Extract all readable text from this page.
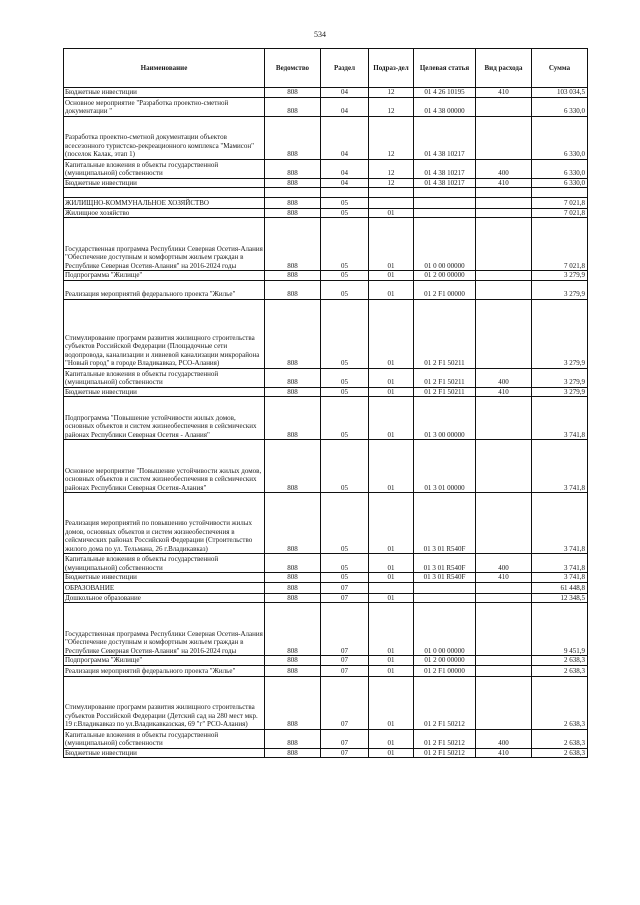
534
Наименование	Ведомство	Раздел	Подраз-дел	Целевая статья	Вид расхода	Сумма
Бюджетные инвестиции	808	04	12	01 4 26 10195	410	103 034,5
Основное мероприятие "Разработка проектно-сметной документации "	808	04	12	01 4 38 00000		6 330,0
Разработка проектно-сметной документации объектов всесезонного туристско-рекреационного комплекса "Мамисон" (поселок Калак, этап 1)	808	04	12	01 4 38 10217		6 330,0
Капитальные вложения в объекты государственной (муниципальной) собственности	808	04	12	01 4 38 10217	400	6 330,0
Бюджетные инвестиции	808	04	12	01 4 38 10217	410	6 330,0

ЖИЛИЩНО-КОММУНАЛЬНОЕ ХОЗЯЙСТВО	808	05				7 021,8
Жилищное хозяйство	808	05	01			7 021,8
Государственная программа Республики Северная Осетия-Алания "Обеспечение доступным и комфортным жильем граждан в Республике Северная Осетия-Алания" на 2016-2024 годы	808	05	01	01 0 00 00000		7 021,8
Подпрограмма "Жилище"	808	05	01	01 2 00 00000		3 279,9
Реализация мероприятий федерального проекта "Жилье"	808	05	01	01 2 F1 00000		3 279,9
Стимулирование программ развития жилищного строительства субъектов Российской Федерации (Площадочные сети водопровода, канализации и ливневой канализации микрорайона "Новый город" в городе Владикавказ, РСО-Алания)	808	05	01	01 2 F1 50211		3 279,9
Капитальные вложения в объекты государственной (муниципальной) собственности	808	05	01	01 2 F1 50211	400	3 279,9
Бюджетные инвестиции	808	05	01	01 2 F1 50211	410	3 279,9
Подпрограмма "Повышение устойчивости жилых домов, основных объектов и систем жизнеобеспечения в сейсмических районах Республики Северная Осетия - Алания"	808	05	01	01 3 00 00000		3 741,8
Основное мероприятие "Повышение устойчивости жилых домов, основных объектов и систем жизнеобеспечения в сейсмических районах Республики Северная Осетия-Алания"	808	05	01	01 3 01 00000		3 741,8
Реализация мероприятий по повышению устойчивости жилых домов, основных объектов и систем жизнеобеспечения в сейсмических районах Российской Федерации (Строительство жилого дома по ул. Тельмана, 26 г.Владикавказ)	808	05	01	01 3 01 R540F		3 741,8
Капитальные вложения в объекты государственной (муниципальной) собственности	808	05	01	01 3 01 R540F	400	3 741,8
Бюджетные инвестиции	808	05	01	01 3 01 R540F	410	3 741,8
ОБРАЗОВАНИЕ	808	07				61 448,8
Дошкольное образование	808	07	01			12 348,5
Государственная программа Республики Северная Осетия-Алания "Обеспечение доступным и комфортным жильем граждан в Республике Северная Осетия-Алания" на 2016-2024 годы	808	07	01	01 0 00 00000		9 451,9
Подпрограмма "Жилище"	808	07	01	01 2 00 00000		2 638,3
Реализация мероприятий федерального проекта "Жилье"	808	07	01	01 2 F1 00000		2 638,3
Стимулирование программ развития жилищного строительства субъектов Российской Федерации (Детский сад на 280 мест мкр. 19 г.Владикавказ по ул.Владикавказская, 69 "г" РСО-Алания)	808	07	01	01 2 F1 50212		2 638,3
Капитальные вложения в объекты государственной (муниципальной) собственности	808	07	01	01 2 F1 50212	400	2 638,3
Бюджетные инвестиции	808	07	01	01 2 F1 50212	410	2 638,3
